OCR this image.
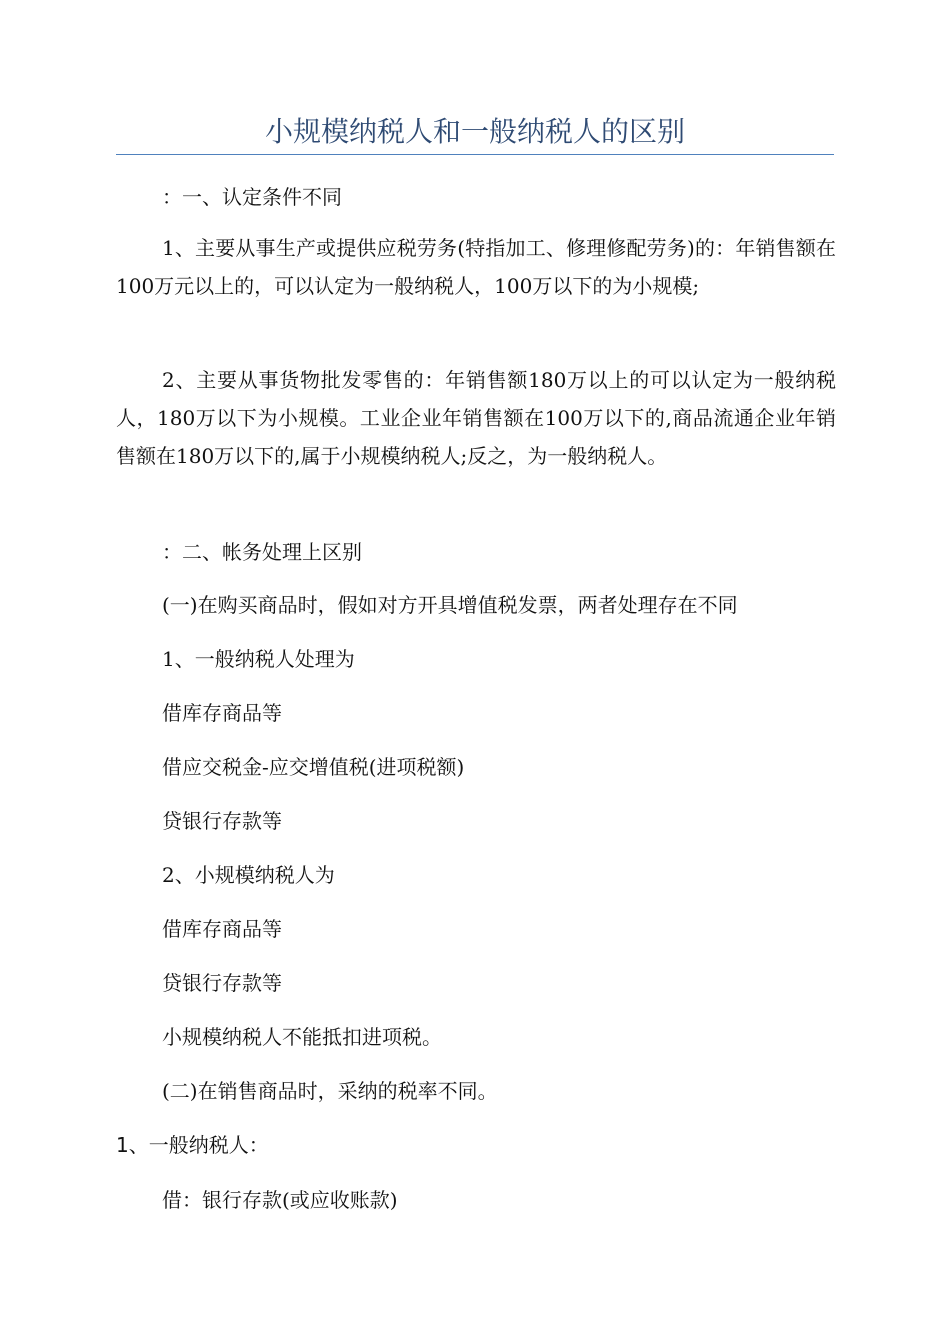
小规模纳税人和一般纳税人的区别

：一、认定条件不同

1、主要从事生产或提供应税劳务(特指加工、修理修配劳务)的：年销售额在100万元以上的，可以认定为一般纳税人，100万以下的为小规模;

2、主要从事货物批发零售的：年销售额180万以上的可以认定为一般纳税人，180万以下为小规模。工业企业年销售额在100万以下的,商品流通企业年销售额在180万以下的,属于小规模纳税人;反之，为一般纳税人。

：二、帐务处理上区别

(一)在购买商品时，假如对方开具增值税发票，两者处理存在不同

1、一般纳税人处理为

借库存商品等

借应交税金-应交增值税(进项税额)

贷银行存款等

2、小规模纳税人为

借库存商品等

贷银行存款等

小规模纳税人不能抵扣进项税。

(二)在销售商品时，采纳的税率不同。

1、一般纳税人：

借：银行存款(或应收账款)
